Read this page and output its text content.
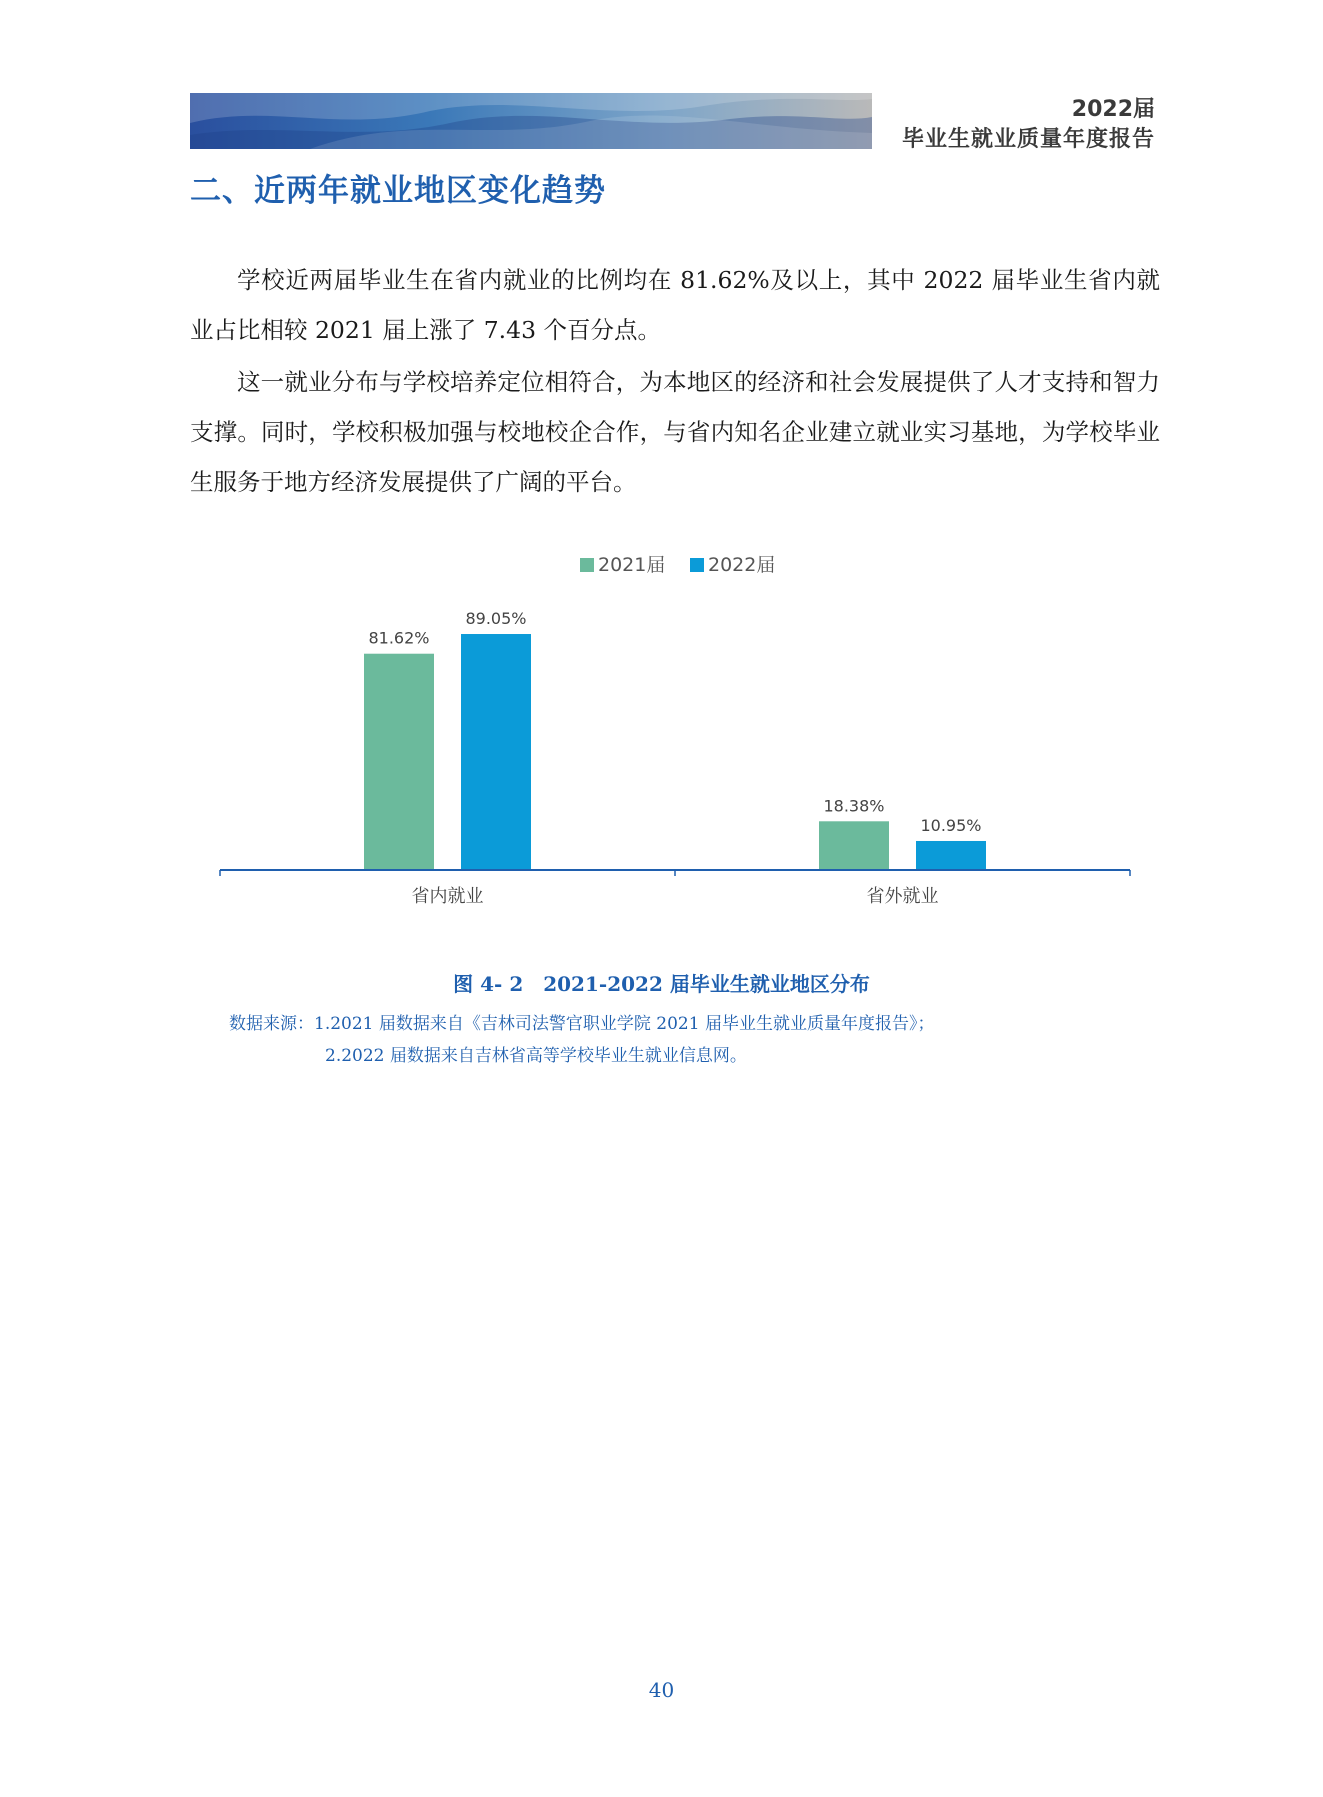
2022届
毕业生就业质量年度报告
二、近两年就业地区变化趋势

学校近两届毕业生在省内就业的比例均在 81.62%及以上，其中 2022 届毕业生省内就业占比相较 2021 届上涨了 7.43 个百分点。

这一就业分布与学校培养定位相符合，为本地区的经济和社会发展提供了人才支持和智力支撑。同时，学校积极加强与校地校企合作，与省内知名企业建立就业实习基地，为学校毕业生服务于地方经济发展提供了广阔的平台。

2021届 2022届
81.62%
89.05%
省内就业
18.38%
10.95%
省外就业
图 4- 2　2021-2022 届毕业生就业地区分布
数据来源：1.2021 届数据来自《吉林司法警官职业学院 2021 届毕业生就业质量年度报告》；
2.2022 届数据来自吉林省高等学校毕业生就业信息网。
40
